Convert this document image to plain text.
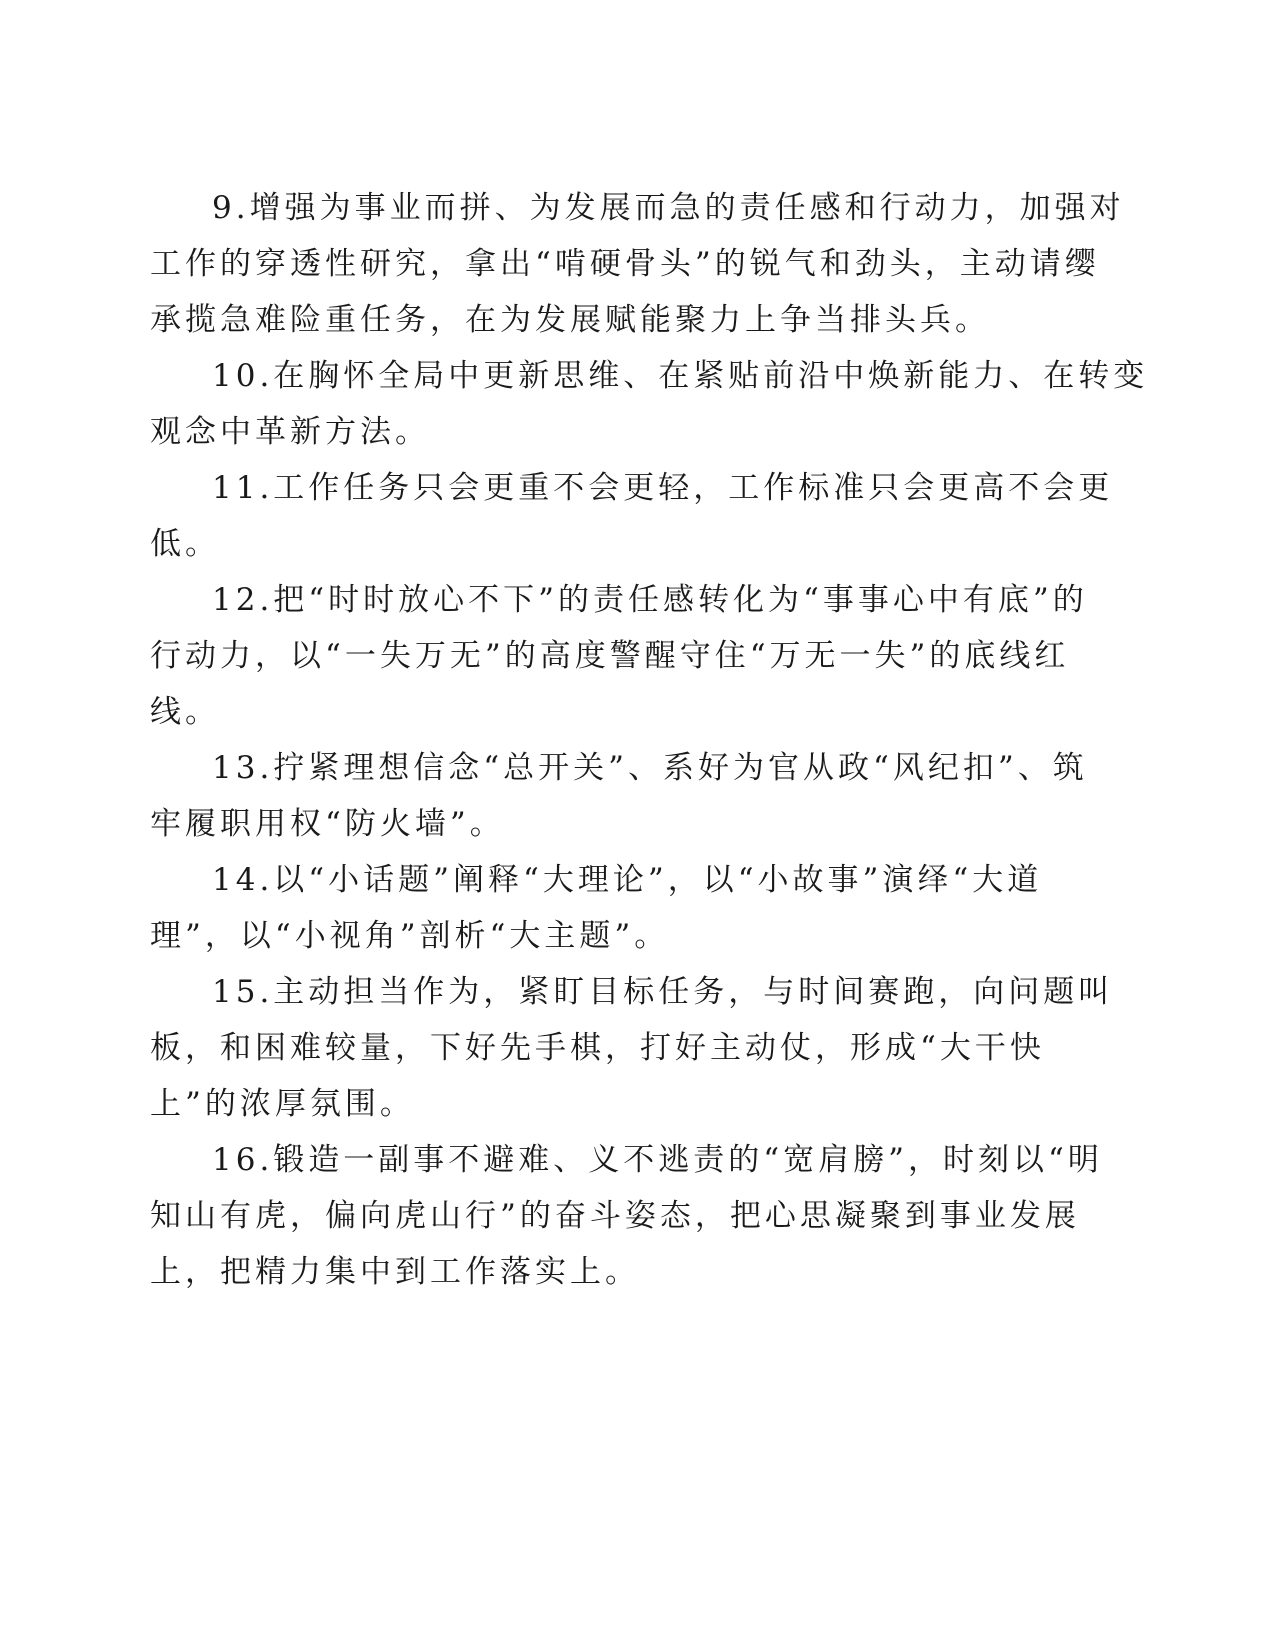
9.增强为事业而拼、为发展而急的责任感和行动力，加强对
工作的穿透性研究，拿出“啃硬骨头”的锐气和劲头，主动请缨
承揽急难险重任务，在为发展赋能聚力上争当排头兵。
10.在胸怀全局中更新思维、在紧贴前沿中焕新能力、在转变
观念中革新方法。
11.工作任务只会更重不会更轻，工作标准只会更高不会更
低。
12.把“时时放心不下”的责任感转化为“事事心中有底”的
行动力，以“一失万无”的高度警醒守住“万无一失”的底线红
线。
13.拧紧理想信念“总开关”、系好为官从政“风纪扣”、筑
牢履职用权“防火墙”。
14.以“小话题”阐释“大理论”，以“小故事”演绎“大道
理”，以“小视角”剖析“大主题”。
15.主动担当作为，紧盯目标任务，与时间赛跑，向问题叫
板，和困难较量，下好先手棋，打好主动仗，形成“大干快
上”的浓厚氛围。
16.锻造一副事不避难、义不逃责的“宽肩膀”，时刻以“明
知山有虎，偏向虎山行”的奋斗姿态，把心思凝聚到事业发展
上，把精力集中到工作落实上。
